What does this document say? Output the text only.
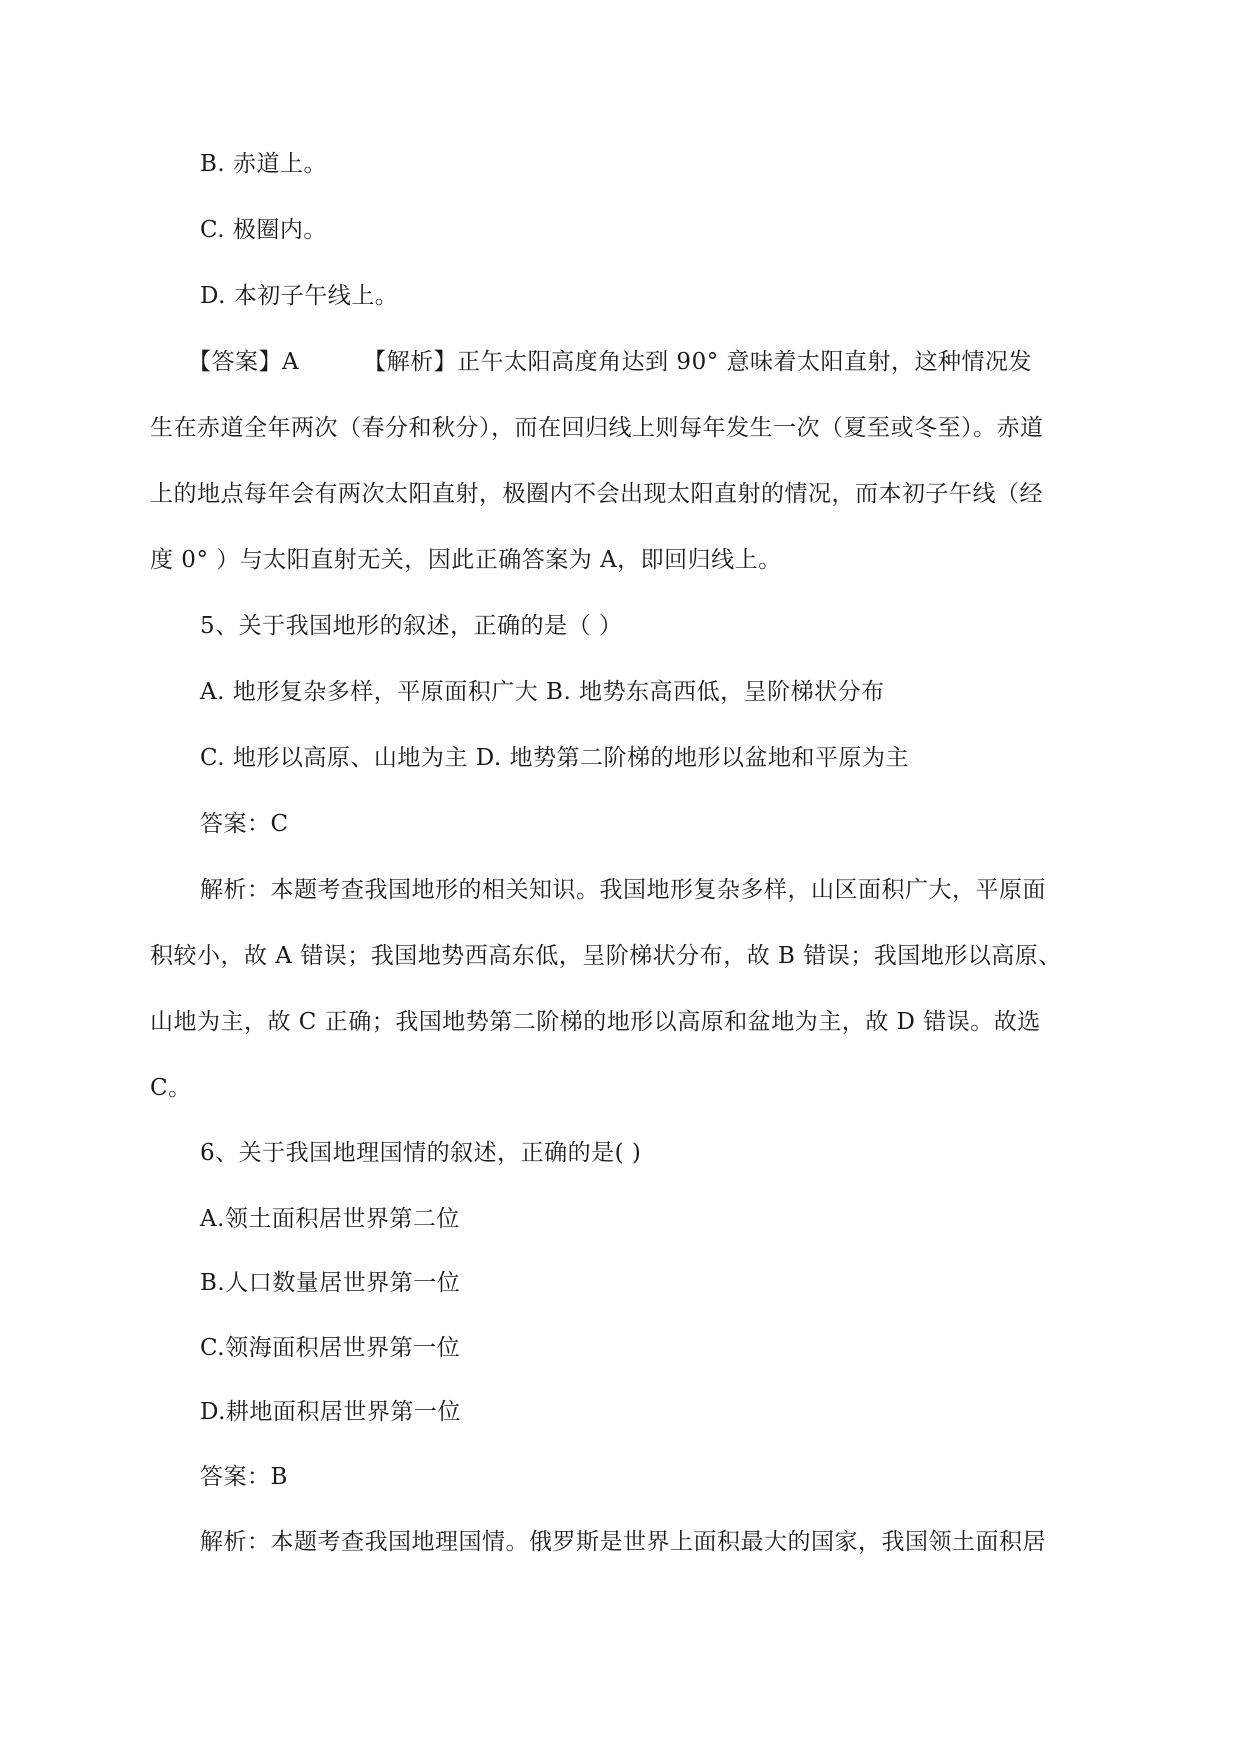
B. 赤道上。
C. 极圈内。
D. 本初子午线上。
【答案】A	【解析】正午太阳高度角达到 90° 意味着太阳直射，这种情况发
生在赤道全年两次（春分和秋分），而在回归线上则每年发生一次（夏至或冬至）。赤道
上的地点每年会有两次太阳直射，极圈内不会出现太阳直射的情况，而本初子午线（经
度 0° ）与太阳直射无关，因此正确答案为 A，即回归线上。
5、关于我国地形的叙述，正确的是（ ）
A. 地形复杂多样，平原面积广大 B. 地势东高西低，呈阶梯状分布
C. 地形以高原、山地为主 D. 地势第二阶梯的地形以盆地和平原为主
答案：C
解析：本题考查我国地形的相关知识。我国地形复杂多样，山区面积广大，平原面
积较小，故 A 错误；我国地势西高东低，呈阶梯状分布，故 B 错误；我国地形以高原、
山地为主，故 C 正确；我国地势第二阶梯的地形以高原和盆地为主，故 D 错误。故选
C。
6、关于我国地理国情的叙述，正确的是( )
A.领土面积居世界第二位
B.人口数量居世界第一位
C.领海面积居世界第一位
D.耕地面积居世界第一位
答案：B
解析：本题考查我国地理国情。俄罗斯是世界上面积最大的国家，我国领土面积居
